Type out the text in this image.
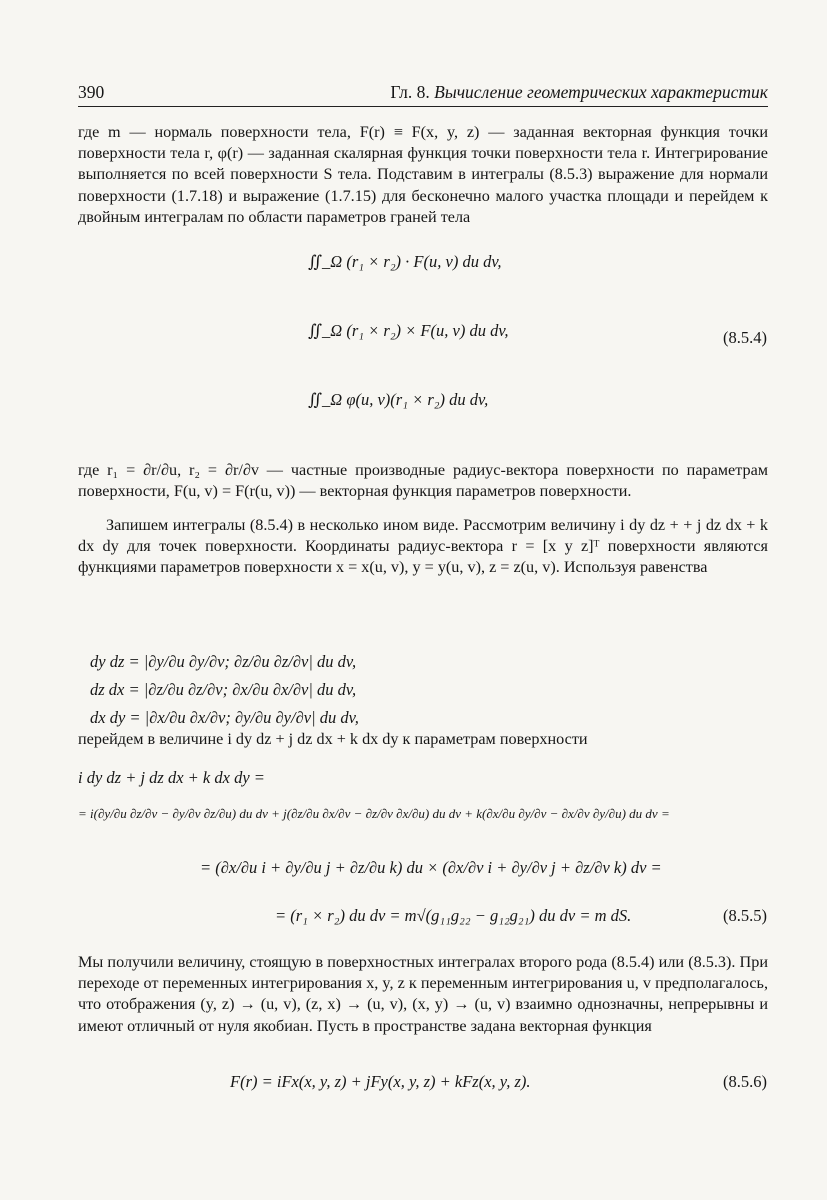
390	Гл. 8. Вычисление геометрических характеристик

где m — нормаль поверхности тела, F(r) ≡ F(x, y, z) — заданная векторная функция точки поверхности тела r, φ(r) — заданная скалярная функция точки поверхности тела r. Интегрирование выполняется по всей поверхности S тела. Подставим в интегралы (8.5.3) выражение для нормали поверхности (1.7.18) и выражение (1.7.15) для бесконечно малого участка площади и перейдем к двойным интегралам по области параметров граней тела

∬_Ω (r₁ × r₂) · F(u, v) du dv,
∬_Ω (r₁ × r₂) × F(u, v) du dv,
∬_Ω φ(u, v)(r₁ × r₂) du dv,
(8.5.4)

где r₁ = ∂r/∂u, r₂ = ∂r/∂v — частные производные радиус-вектора поверхности по параметрам поверхности, F(u, v) = F(r(u, v)) — векторная функция параметров поверхности.

Запишем интегралы (8.5.4) в несколько ином виде. Рассмотрим величину i dy dz + + j dz dx + k dx dy для точек поверхности. Координаты радиус-вектора r = [x y z]ᵀ поверхности являются функциями параметров поверхности x = x(u, v), y = y(u, v), z = z(u, v). Используя равенства

dy dz = |∂y/∂u ∂y/∂v; ∂z/∂u ∂z/∂v| du dv,
dz dx = |∂z/∂u ∂z/∂v; ∂x/∂u ∂x/∂v| du dv,
dx dy = |∂x/∂u ∂x/∂v; ∂y/∂u ∂y/∂v| du dv,

перейдем в величине i dy dz + j dz dx + k dx dy к параметрам поверхности

i dy dz + j dz dx + k dx dy =
= i(∂y/∂u ∂z/∂v − ∂y/∂v ∂z/∂u) du dv + j(∂z/∂u ∂x/∂v − ∂z/∂v ∂x/∂u) du dv + k(∂x/∂u ∂y/∂v − ∂x/∂v ∂y/∂u) du dv =
= (∂x/∂u i + ∂y/∂u j + ∂z/∂u k) du × (∂x/∂v i + ∂y/∂v j + ∂z/∂v k) dv =
= (r₁ × r₂) du dv = m√(g₁₁g₂₂ − g₁₂g₂₁) du dv = m dS.	(8.5.5)

Мы получили величину, стоящую в поверхностных интегралах второго рода (8.5.4) или (8.5.3). При переходе от переменных интегрирования x, y, z к переменным интегрирования u, v предполагалось, что отображения (y, z) → (u, v), (z, x) → (u, v), (x, y) → (u, v) взаимно однозначны, непрерывны и имеют отличный от нуля якобиан. Пусть в пространстве задана векторная функция

F(r) = iFx(x, y, z) + jFy(x, y, z) + kFz(x, y, z).	(8.5.6)
